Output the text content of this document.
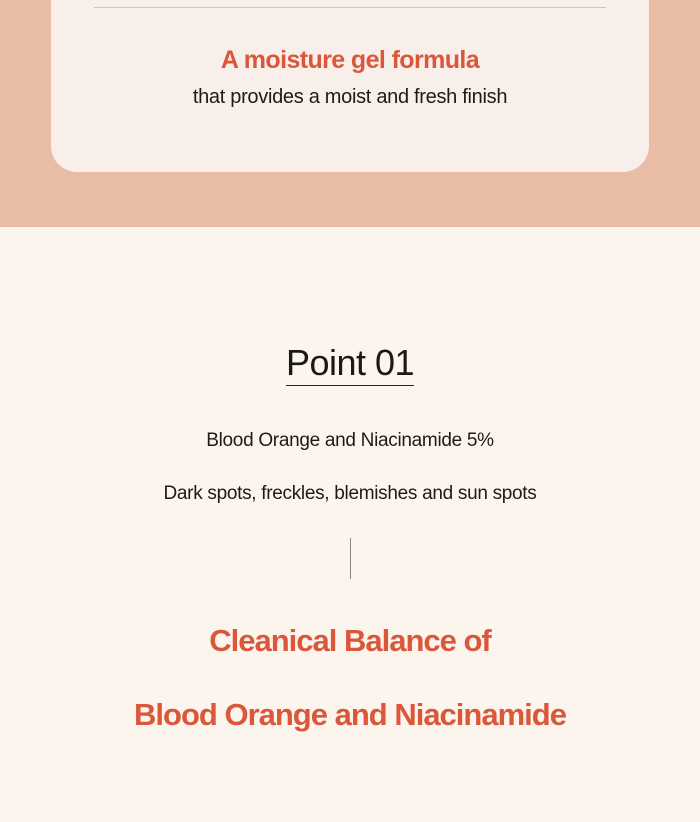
A moisture gel formula
that provides a moist and fresh finish
Point 01
Blood Orange and Niacinamide 5%
Dark spots, freckles, blemishes and sun spots
Cleanical Balance of
Blood Orange and Niacinamide
